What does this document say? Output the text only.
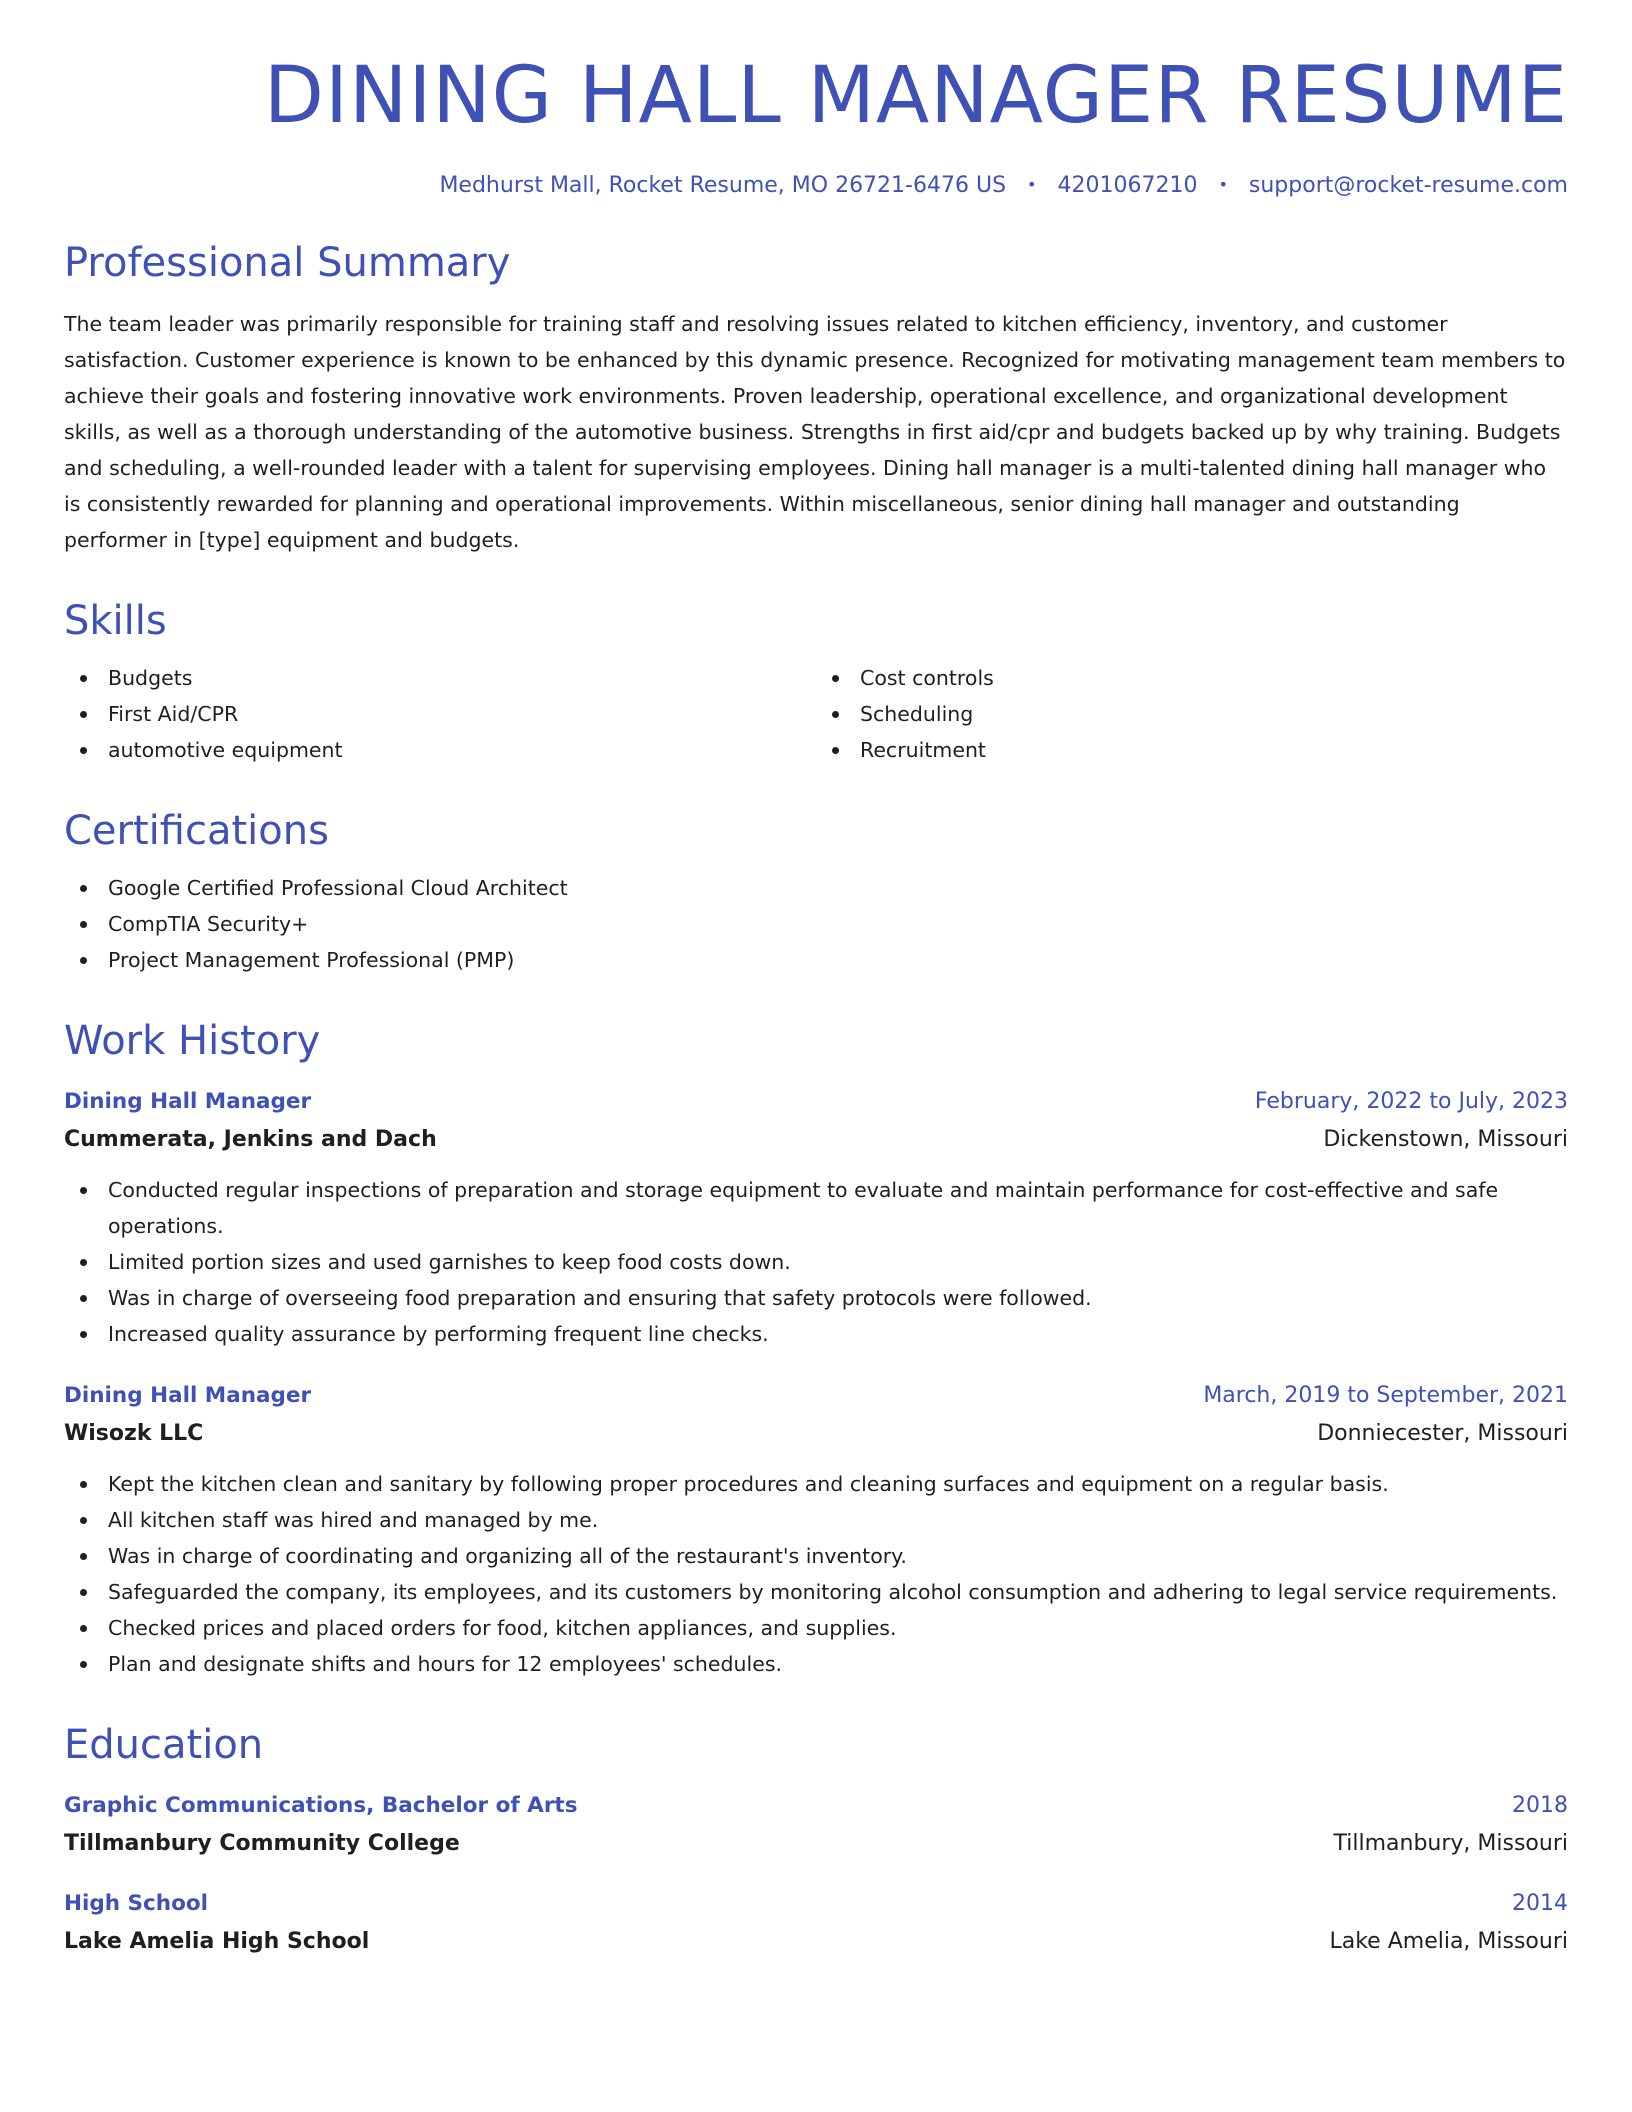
DINING HALL MANAGER RESUME
Medhurst Mall, Rocket Resume, MO 26721-6476 US • 4201067210 • support@rocket-resume.com
Professional Summary

The team leader was primarily responsible for training staff and resolving issues related to kitchen efficiency, inventory, and customer satisfaction. Customer experience is known to be enhanced by this dynamic presence. Recognized for motivating management team members to achieve their goals and fostering innovative work environments. Proven leadership, operational excellence, and organizational development skills, as well as a thorough understanding of the automotive business. Strengths in first aid/cpr and budgets backed up by why training. Budgets and scheduling, a well-rounded leader with a talent for supervising employees. Dining hall manager is a multi-talented dining hall manager who is consistently rewarded for planning and operational improvements. Within miscellaneous, senior dining hall manager and outstanding performer in [type] equipment and budgets.

Skills
Budgets
First Aid/CPR
automotive equipment
Cost controls
Scheduling
Recruitment
Certifications
Google Certified Professional Cloud Architect
CompTIA Security+
Project Management Professional (PMP)
Work History
Dining Hall Manager	February, 2022 to July, 2023
Cummerata, Jenkins and Dach	Dickenstown, Missouri
Conducted regular inspections of preparation and storage equipment to evaluate and maintain performance for cost-effective and safe operations.
Limited portion sizes and used garnishes to keep food costs down.
Was in charge of overseeing food preparation and ensuring that safety protocols were followed.
Increased quality assurance by performing frequent line checks.
Dining Hall Manager	March, 2019 to September, 2021
Wisozk LLC	Donniecester, Missouri
Kept the kitchen clean and sanitary by following proper procedures and cleaning surfaces and equipment on a regular basis.
All kitchen staff was hired and managed by me.
Was in charge of coordinating and organizing all of the restaurant's inventory.
Safeguarded the company, its employees, and its customers by monitoring alcohol consumption and adhering to legal service requirements.
Checked prices and placed orders for food, kitchen appliances, and supplies.
Plan and designate shifts and hours for 12 employees' schedules.
Education
Graphic Communications, Bachelor of Arts	2018
Tillmanbury Community College	Tillmanbury, Missouri
High School	2014
Lake Amelia High School	Lake Amelia, Missouri
